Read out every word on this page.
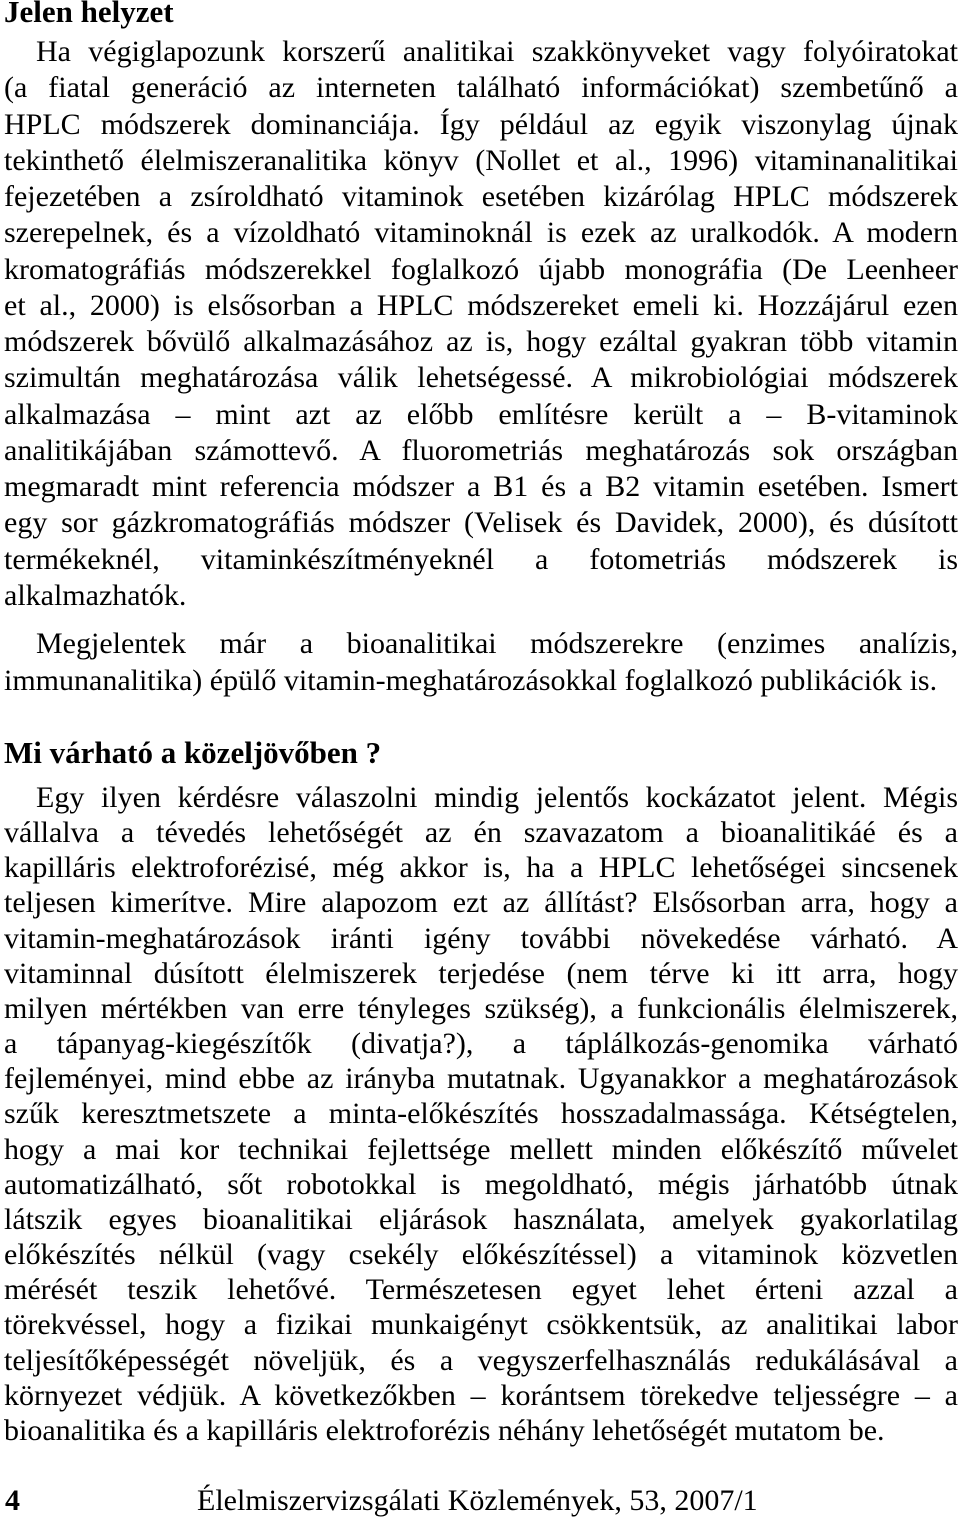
Jelen helyzet
Ha végiglapozunk korszerű analitikai szakkönyveket vagy folyóiratokat
(a fiatal generáció az interneten található információkat) szembetűnő a
HPLC módszerek dominanciája. Így például az egyik viszonylag újnak
tekinthető élelmiszeranalitika könyv (Nollet et al., 1996) vitaminanalitikai
fejezetében a zsíroldható vitaminok esetében kizárólag HPLC módszerek
szerepelnek, és a vízoldható vitaminoknál is ezek az uralkodók. A modern
kromatográfiás módszerekkel foglalkozó újabb monográfia (De Leenheer
et al., 2000) is elsősorban a HPLC módszereket emeli ki. Hozzájárul ezen
módszerek bővülő alkalmazásához az is, hogy ezáltal gyakran több vitamin
szimultán meghatározása válik lehetségessé. A mikrobiológiai módszerek
alkalmazása – mint azt az előbb említésre került a – B-vitaminok
analitikájában számottevő. A fluorometriás meghatározás sok országban
megmaradt mint referencia módszer a B1 és a B2 vitamin esetében. Ismert
egy sor gázkromatográfiás módszer (Velisek és Davidek, 2000), és dúsított
termékeknél, vitaminkészítményeknél a fotometriás módszerek is
alkalmazhatók.
Megjelentek már a bioanalitikai módszerekre (enzimes analízis,
immunanalitika) épülő vitamin-meghatározásokkal foglalkozó publikációk is.
Mi várható a közeljövőben ?
Egy ilyen kérdésre válaszolni mindig jelentős kockázatot jelent. Mégis
vállalva a tévedés lehetőségét az én szavazatom a bioanalitikáé és a
kapilláris elektroforézisé, még akkor is, ha a HPLC lehetőségei sincsenek
teljesen kimerítve. Mire alapozom ezt az állítást? Elsősorban arra, hogy a
vitamin-meghatározások iránti igény további növekedése várható. A
vitaminnal dúsított élelmiszerek terjedése (nem térve ki itt arra, hogy
milyen mértékben van erre tényleges szükség), a funkcionális élelmiszerek,
a tápanyag-kiegészítők (divatja?), a táplálkozás-genomika várható
fejleményei, mind ebbe az irányba mutatnak. Ugyanakkor a meghatározások
szűk keresztmetszete a minta-előkészítés hosszadalmassága. Kétségtelen,
hogy a mai kor technikai fejlettsége mellett minden előkészítő művelet
automatizálható, sőt robotokkal is megoldható, mégis járhatóbb útnak
látszik egyes bioanalitikai eljárások használata, amelyek gyakorlatilag
előkészítés nélkül (vagy csekély előkészítéssel) a vitaminok közvetlen
mérését teszik lehetővé. Természetesen egyet lehet érteni azzal a
törekvéssel, hogy a fizikai munkaigényt csökkentsük, az analitikai labor
teljesítőképességét növeljük, és a vegyszerfelhasználás redukálásával a
környezet védjük. A következőkben – korántsem törekedve teljességre – a
bioanalitika és a kapilláris elektroforézis néhány lehetőségét mutatom be.
4	Élelmiszervizsgálati Közlemények, 53, 2007/1
